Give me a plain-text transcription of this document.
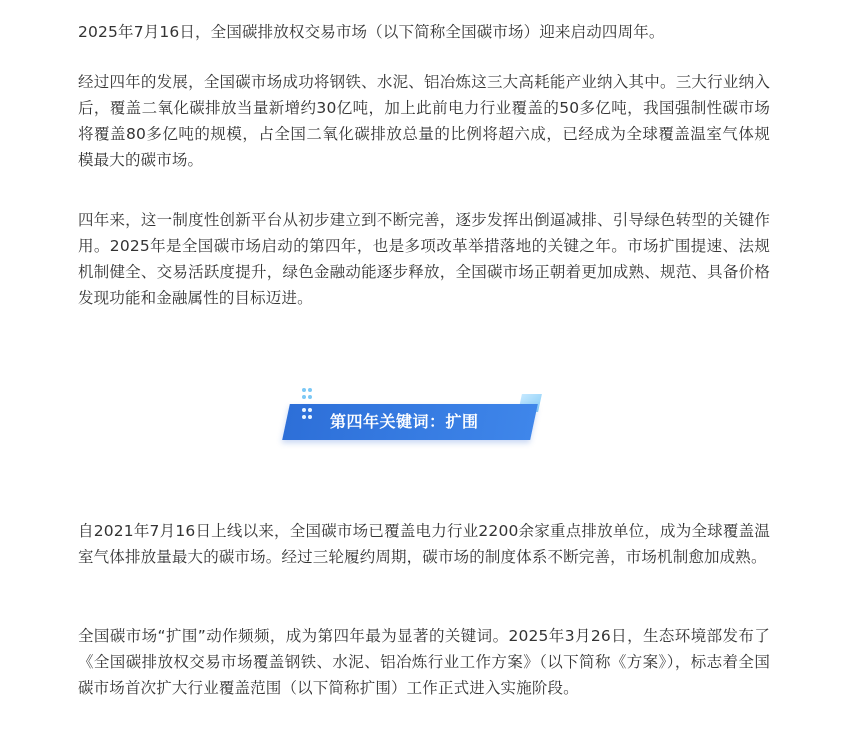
2025年7月16日，全国碳排放权交易市场（以下简称全国碳市场）迎来启动四周年。

经过四年的发展，全国碳市场成功将钢铁、水泥、铝冶炼这三大高耗能产业纳入其中。三大行业纳入后，覆盖二氧化碳排放当量新增约30亿吨，加上此前电力行业覆盖的50多亿吨，我国强制性碳市场将覆盖80多亿吨的规模，占全国二氧化碳排放总量的比例将超六成，已经成为全球覆盖温室气体规模最大的碳市场。

四年来，这一制度性创新平台从初步建立到不断完善，逐步发挥出倒逼减排、引导绿色转型的关键作用。2025年是全国碳市场启动的第四年，也是多项改革举措落地的关键之年。市场扩围提速、法规机制健全、交易活跃度提升，绿色金融动能逐步释放，全国碳市场正朝着更加成熟、规范、具备价格发现功能和金融属性的目标迈进。

自2021年7月16日上线以来，全国碳市场已覆盖电力行业2200余家重点排放单位，成为全球覆盖温室气体排放量最大的碳市场。经过三轮履约周期，碳市场的制度体系不断完善，市场机制愈加成熟。

全国碳市场“扩围”动作频频，成为第四年最为显著的关键词。2025年3月26日，生态环境部发布了《全国碳排放权交易市场覆盖钢铁、水泥、铝冶炼行业工作方案》（以下简称《方案》），标志着全国碳市场首次扩大行业覆盖范围（以下简称扩围）工作正式进入实施阶段。

第四年关键词：扩围
